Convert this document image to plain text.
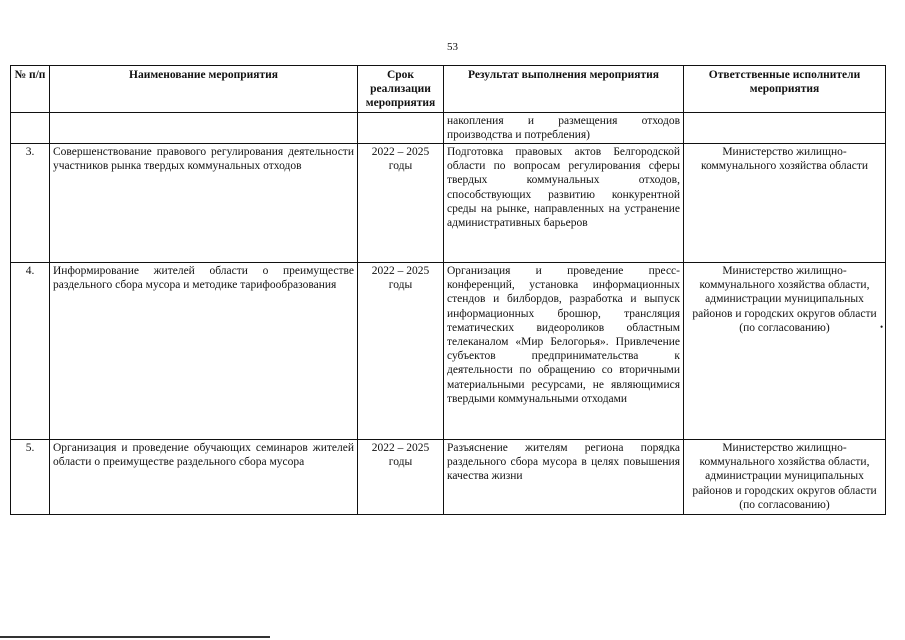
53
№ п/п	Наименование мероприятия	Срок реализации мероприятия	Результат выполнения мероприятия	Ответственные исполнители мероприятия
			накопления и размещения отходов производства и потребления)	
3.	Совершенствование правового регулирования деятельности участников рынка твердых коммунальных отходов	2022 – 2025 годы	Подготовка правовых актов Белгородской области по вопросам регулирования сферы твердых коммунальных отходов, способствующих развитию конкурентной среды на рынке, направленных на устранение административных барьеров	Министерство жилищно-коммунального хозяйства области
4.	Информирование жителей области о преимуществе раздельного сбора мусора и методике тарифообразования	2022 – 2025 годы	Организация и проведение пресс-конференций, установка информационных стендов и билбордов, разработка и выпуск информационных брошюр, трансляция тематических видеороликов областным телеканалом «Мир Белогорья». Привлечение субъектов предпринимательства к деятельности по обращению со вторичными материальными ресурсами, не являющимися твердыми коммунальными отходами	Министерство жилищно-коммунального хозяйства области, администрации муниципальных районов и городских округов области (по согласованию)
5.	Организация и проведение обучающих семинаров жителей области о преимуществе раздельного сбора мусора	2022 – 2025 годы	Разъяснение жителям региона порядка раздельного сбора мусора в целях повышения качества жизни	Министерство жилищно-коммунального хозяйства области, администрации муниципальных районов и городских округов области (по согласованию)
•
